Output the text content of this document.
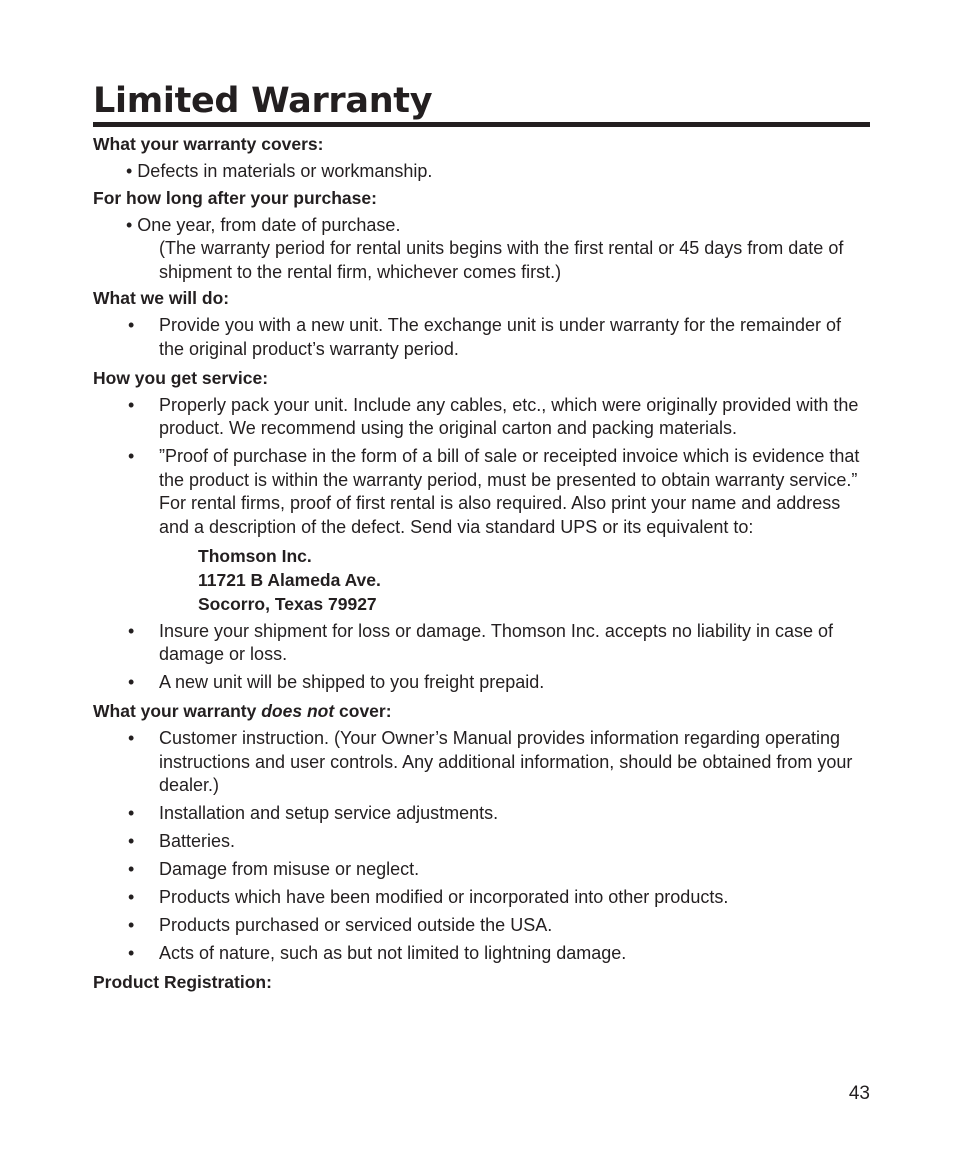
Limited Warranty
What your warranty covers:
• Defects in materials or workmanship.
For how long after your purchase:
• One year, from date of purchase.
(The warranty period for rental units begins with the first rental or 45 days from date of shipment to the rental firm, whichever comes first.)
What we will do:
• Provide you with a new unit. The exchange unit is under warranty for the remainder of the original product’s warranty period.
How you get service:
• Properly pack your unit. Include any cables, etc., which were originally provided with the product. We recommend using the original carton and packing materials.
• ”Proof of purchase in the form of a bill of sale or receipted invoice which is evidence that the product is within the warranty period, must be presented to obtain warranty service.” For rental firms, proof of first rental is also required. Also print your name and address and a description of the defect. Send via standard UPS or its equivalent to:
Thomson Inc.
11721 B Alameda Ave.
Socorro, Texas 79927
• Insure your shipment for loss or damage. Thomson Inc. accepts no liability in case of damage or loss.
• A new unit will be shipped to you freight prepaid.
What your warranty does not cover:
• Customer instruction. (Your Owner’s Manual provides information regarding operating instructions and user controls. Any additional information, should be obtained from your dealer.)
• Installation and setup service adjustments.
• Batteries.
• Damage from misuse or neglect.
• Products which have been modified or incorporated into other products.
• Products purchased or serviced outside the USA.
• Acts of nature, such as but not limited to lightning damage.
Product Registration:
43
